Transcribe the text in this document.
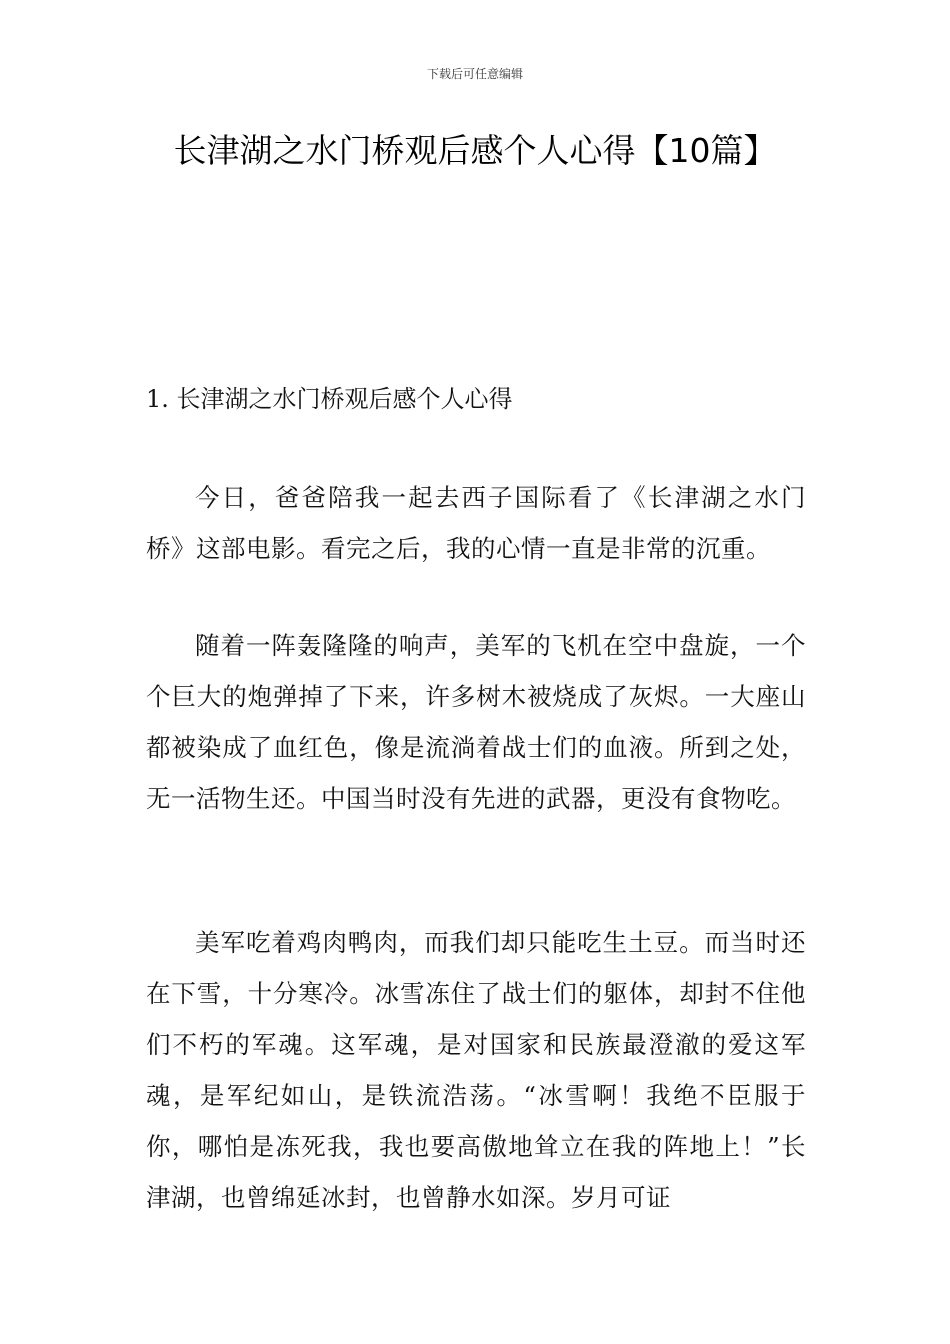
下载后可任意编辑
长津湖之水门桥观后感个人心得【10篇】
1. 长津湖之水门桥观后感个人心得

今日，爸爸陪我一起去西子国际看了《长津湖之水门桥》这部电影。看完之后，我的心情一直是非常的沉重。

随着一阵轰隆隆的响声，美军的飞机在空中盘旋，一个个巨大的炮弹掉了下来，许多树木被烧成了灰烬。一大座山都被染成了血红色，像是流淌着战士们的血液。所到之处，无一活物生还。中国当时没有先进的武器，更没有食物吃。

美军吃着鸡肉鸭肉，而我们却只能吃生土豆。而当时还在下雪，十分寒冷。冰雪冻住了战士们的躯体，却封不住他们不朽的军魂。这军魂，是对国家和民族最澄澈的爱这军魂，是军纪如山，是铁流浩荡。“冰雪啊！我绝不臣服于你，哪怕是冻死我，我也要高傲地耸立在我的阵地上！”长津湖，也曾绵延冰封，也曾静水如深。岁月可证
